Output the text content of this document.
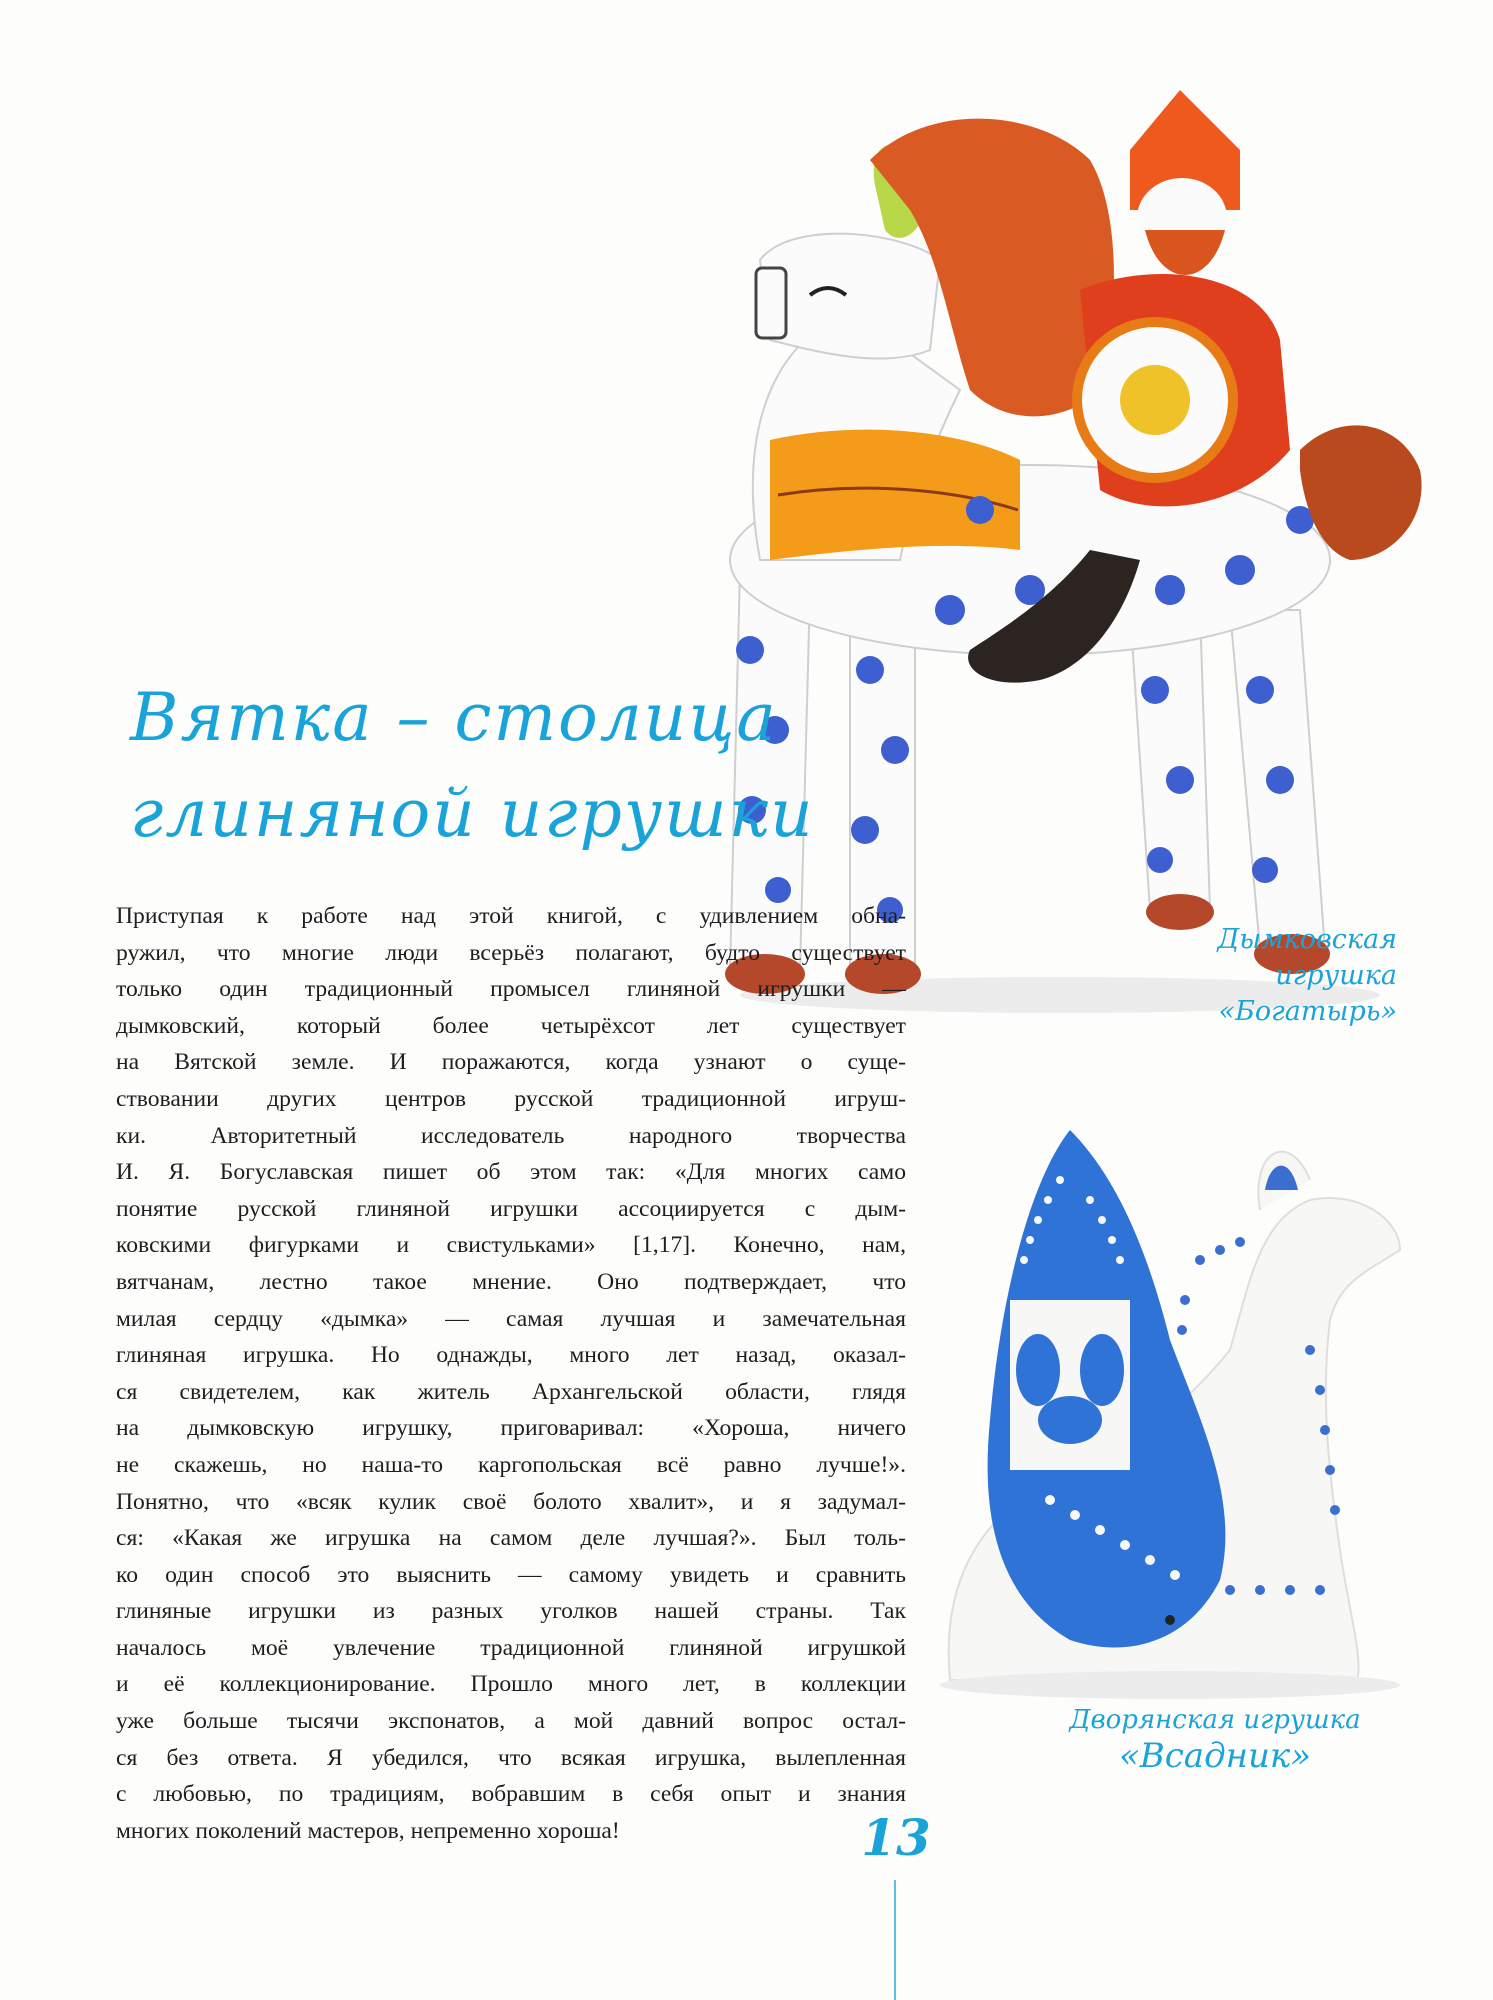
Вятка – столица
глиняной игрушки
Приступая к работе над этой книгой, с удивлением обна-
ружил, что многие люди всерьёз полагают, будто существует
только один традиционный промысел глиняной игрушки —
дымковский, который более четырёхсот лет существует
на Вятской земле. И поражаются, когда узнают о суще-
ствовании других центров русской традиционной игруш-
ки. Авторитетный исследователь народного творчества
И. Я. Богуславская пишет об этом так: «Для многих само
понятие русской глиняной игрушки ассоциируется с дым-
ковскими фигурками и свистульками» [1,17]. Конечно, нам,
вятчанам, лестно такое мнение. Оно подтверждает, что
милая сердцу «дымка» — самая лучшая и замечательная
глиняная игрушка. Но однажды, много лет назад, оказал-
ся свидетелем, как житель Архангельской области, глядя
на дымковскую игрушку, приговаривал: «Хороша, ничего
не скажешь, но наша-то каргопольская всё равно лучше!».
Понятно, что «всяк кулик своё болото хвалит», и я задумал-
ся: «Какая же игрушка на самом деле лучшая?». Был толь-
ко один способ это выяснить — самому увидеть и сравнить
глиняные игрушки из разных уголков нашей страны. Так
началось моё увлечение традиционной глиняной игрушкой
и её коллекционирование. Прошло много лет, в коллекции
уже больше тысячи экспонатов, а мой давний вопрос остал-
ся без ответа. Я убедился, что всякая игрушка, вылепленная
с любовью, по традициям, вобравшим в себя опыт и знания
многих поколений мастеров, непременно хороша!
Дымковская
игрушка
«Богатырь»
Дворянская игрушка
«Всадник»
13
